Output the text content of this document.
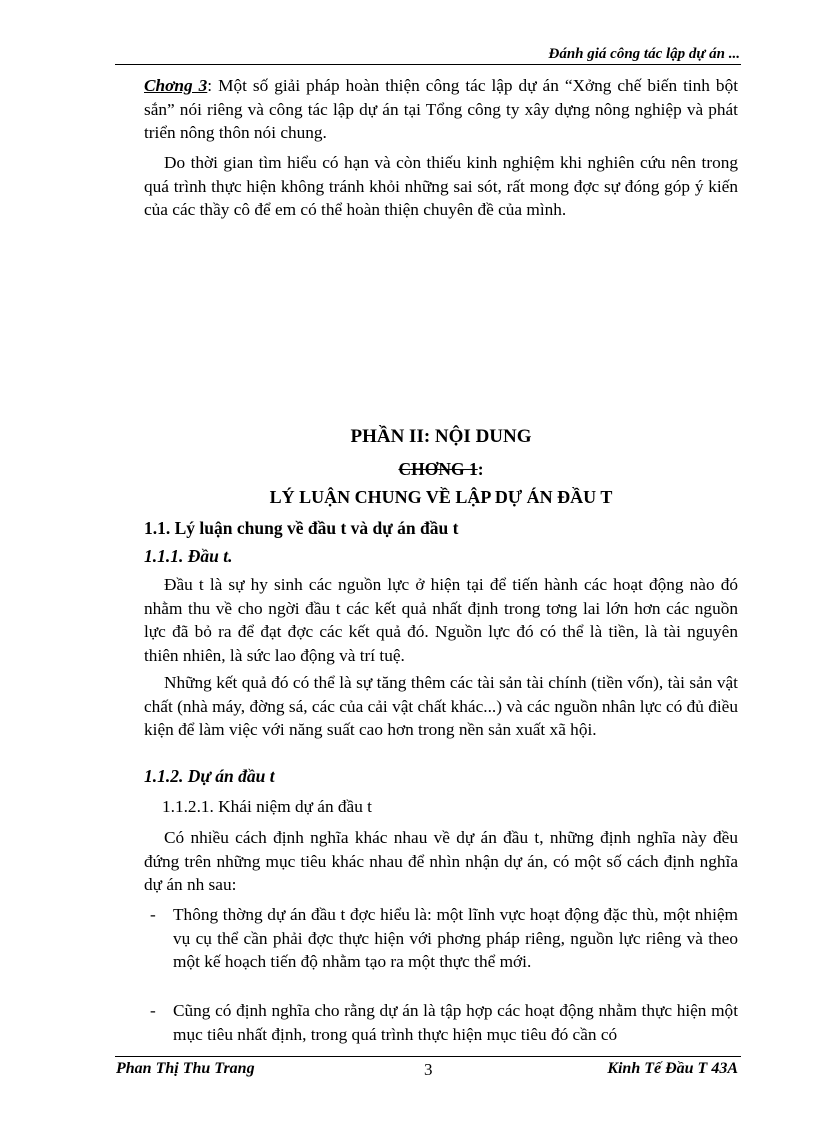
Đánh giá công tác lập dự án ...

Chơng 3: Một số giải pháp hoàn thiện công tác lập dự án “Xởng chế biến tinh bột sắn” nói riêng và công tác lập dự án tại Tổng công ty xây dựng nông nghiệp và phát triển nông thôn nói chung.

Do thời gian tìm hiểu có hạn và còn thiếu kinh nghiệm khi nghiên cứu nên trong quá trình thực hiện không tránh khỏi những sai sót, rất mong đợc sự đóng góp ý kiến của các thầy cô để em có thể hoàn thiện chuyên đề của mình.

PHẦN II: NỘI DUNG

CHƠNG 1:

LÝ LUẬN CHUNG VỀ LẬP DỰ ÁN ĐẦU T

1.1. Lý luận chung về đầu t và dự án đầu t

1.1.1. Đầu t.

Đầu t là sự hy sinh các nguồn lực ở hiện tại để tiến hành các hoạt động nào đó nhằm thu về cho ngời đầu t các kết quả nhất định trong tơng lai lớn hơn các nguồn lực đã bỏ ra để đạt đợc các kết quả đó. Nguồn lực đó có thể là tiền, là tài nguyên thiên nhiên, là sức lao động và trí tuệ.

Những kết quả đó có thể là sự tăng thêm các tài sản tài chính (tiền vốn), tài sản vật chất (nhà máy, đờng sá, các của cải vật chất khác...) và các nguồn nhân lực có đủ điều kiện để làm việc với năng suất cao hơn trong nền sản xuất xã hội.

1.1.2. Dự án đầu t

1.1.2.1. Khái niệm dự án đầu t

Có nhiều cách định nghĩa khác nhau về dự án đầu t, những định nghĩa này đều đứng trên những mục tiêu khác nhau để nhìn nhận dự án, có một số cách định nghĩa dự án nh sau:

- Thông thờng dự án đầu t đợc hiểu là: một lĩnh vực hoạt động đặc thù, một nhiệm vụ cụ thể cần phải đợc thực hiện với phơng pháp riêng, nguồn lực riêng và theo một kế hoạch tiến độ nhằm tạo ra một thực thể mới.
- Cũng có định nghĩa cho rằng dự án là tập hợp các hoạt động nhằm thực hiện một mục tiêu nhất định, trong quá trình thực hiện mục tiêu đó cần có
Phan Thị Thu Trang	3	Kinh Tế Đầu T 43A
